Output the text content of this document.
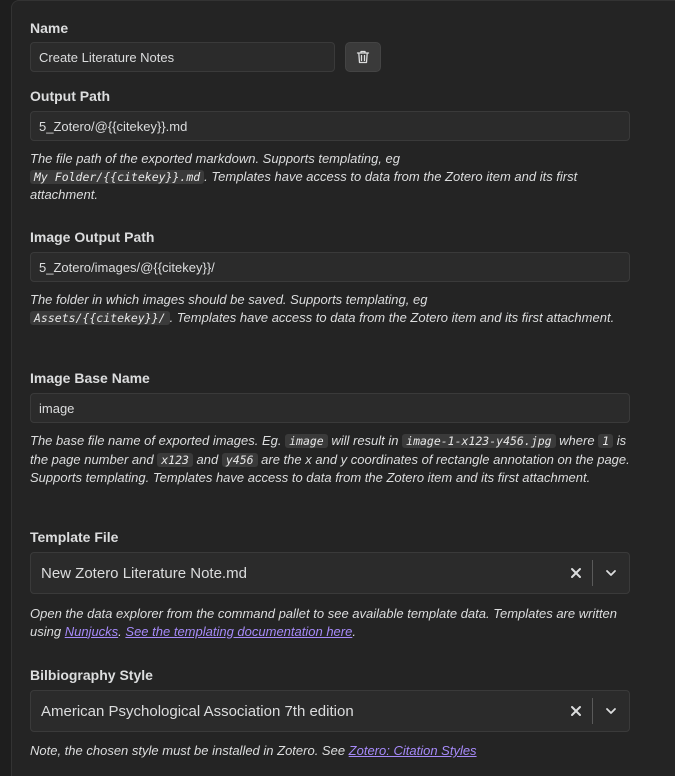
Name
Create Literature Notes
Output Path
5_Zotero/@{{citekey}}.md
The file path of the exported markdown. Supports templating, eg
My Folder/{{citekey}}.md . Templates have access to data from the Zotero item and its first attachment.
Image Output Path
5_Zotero/images/@{{citekey}}/
The folder in which images should be saved. Supports templating, eg
Assets/{{citekey}}/ . Templates have access to data from the Zotero item and its first attachment.
Image Base Name
image
The base file name of exported images. Eg. image will result in image-1-x123-y456.jpg where 1 is the page number and x123 and y456 are the x and y coordinates of rectangle annotation on the page. Supports templating. Templates have access to data from the Zotero item and its first attachment.
Template File
New Zotero Literature Note.md
Open the data explorer from the command pallet to see available template data. Templates are written using Nunjucks. See the templating documentation here.
Bilbiography Style
American Psychological Association 7th edition
Note, the chosen style must be installed in Zotero. See Zotero: Citation Styles
